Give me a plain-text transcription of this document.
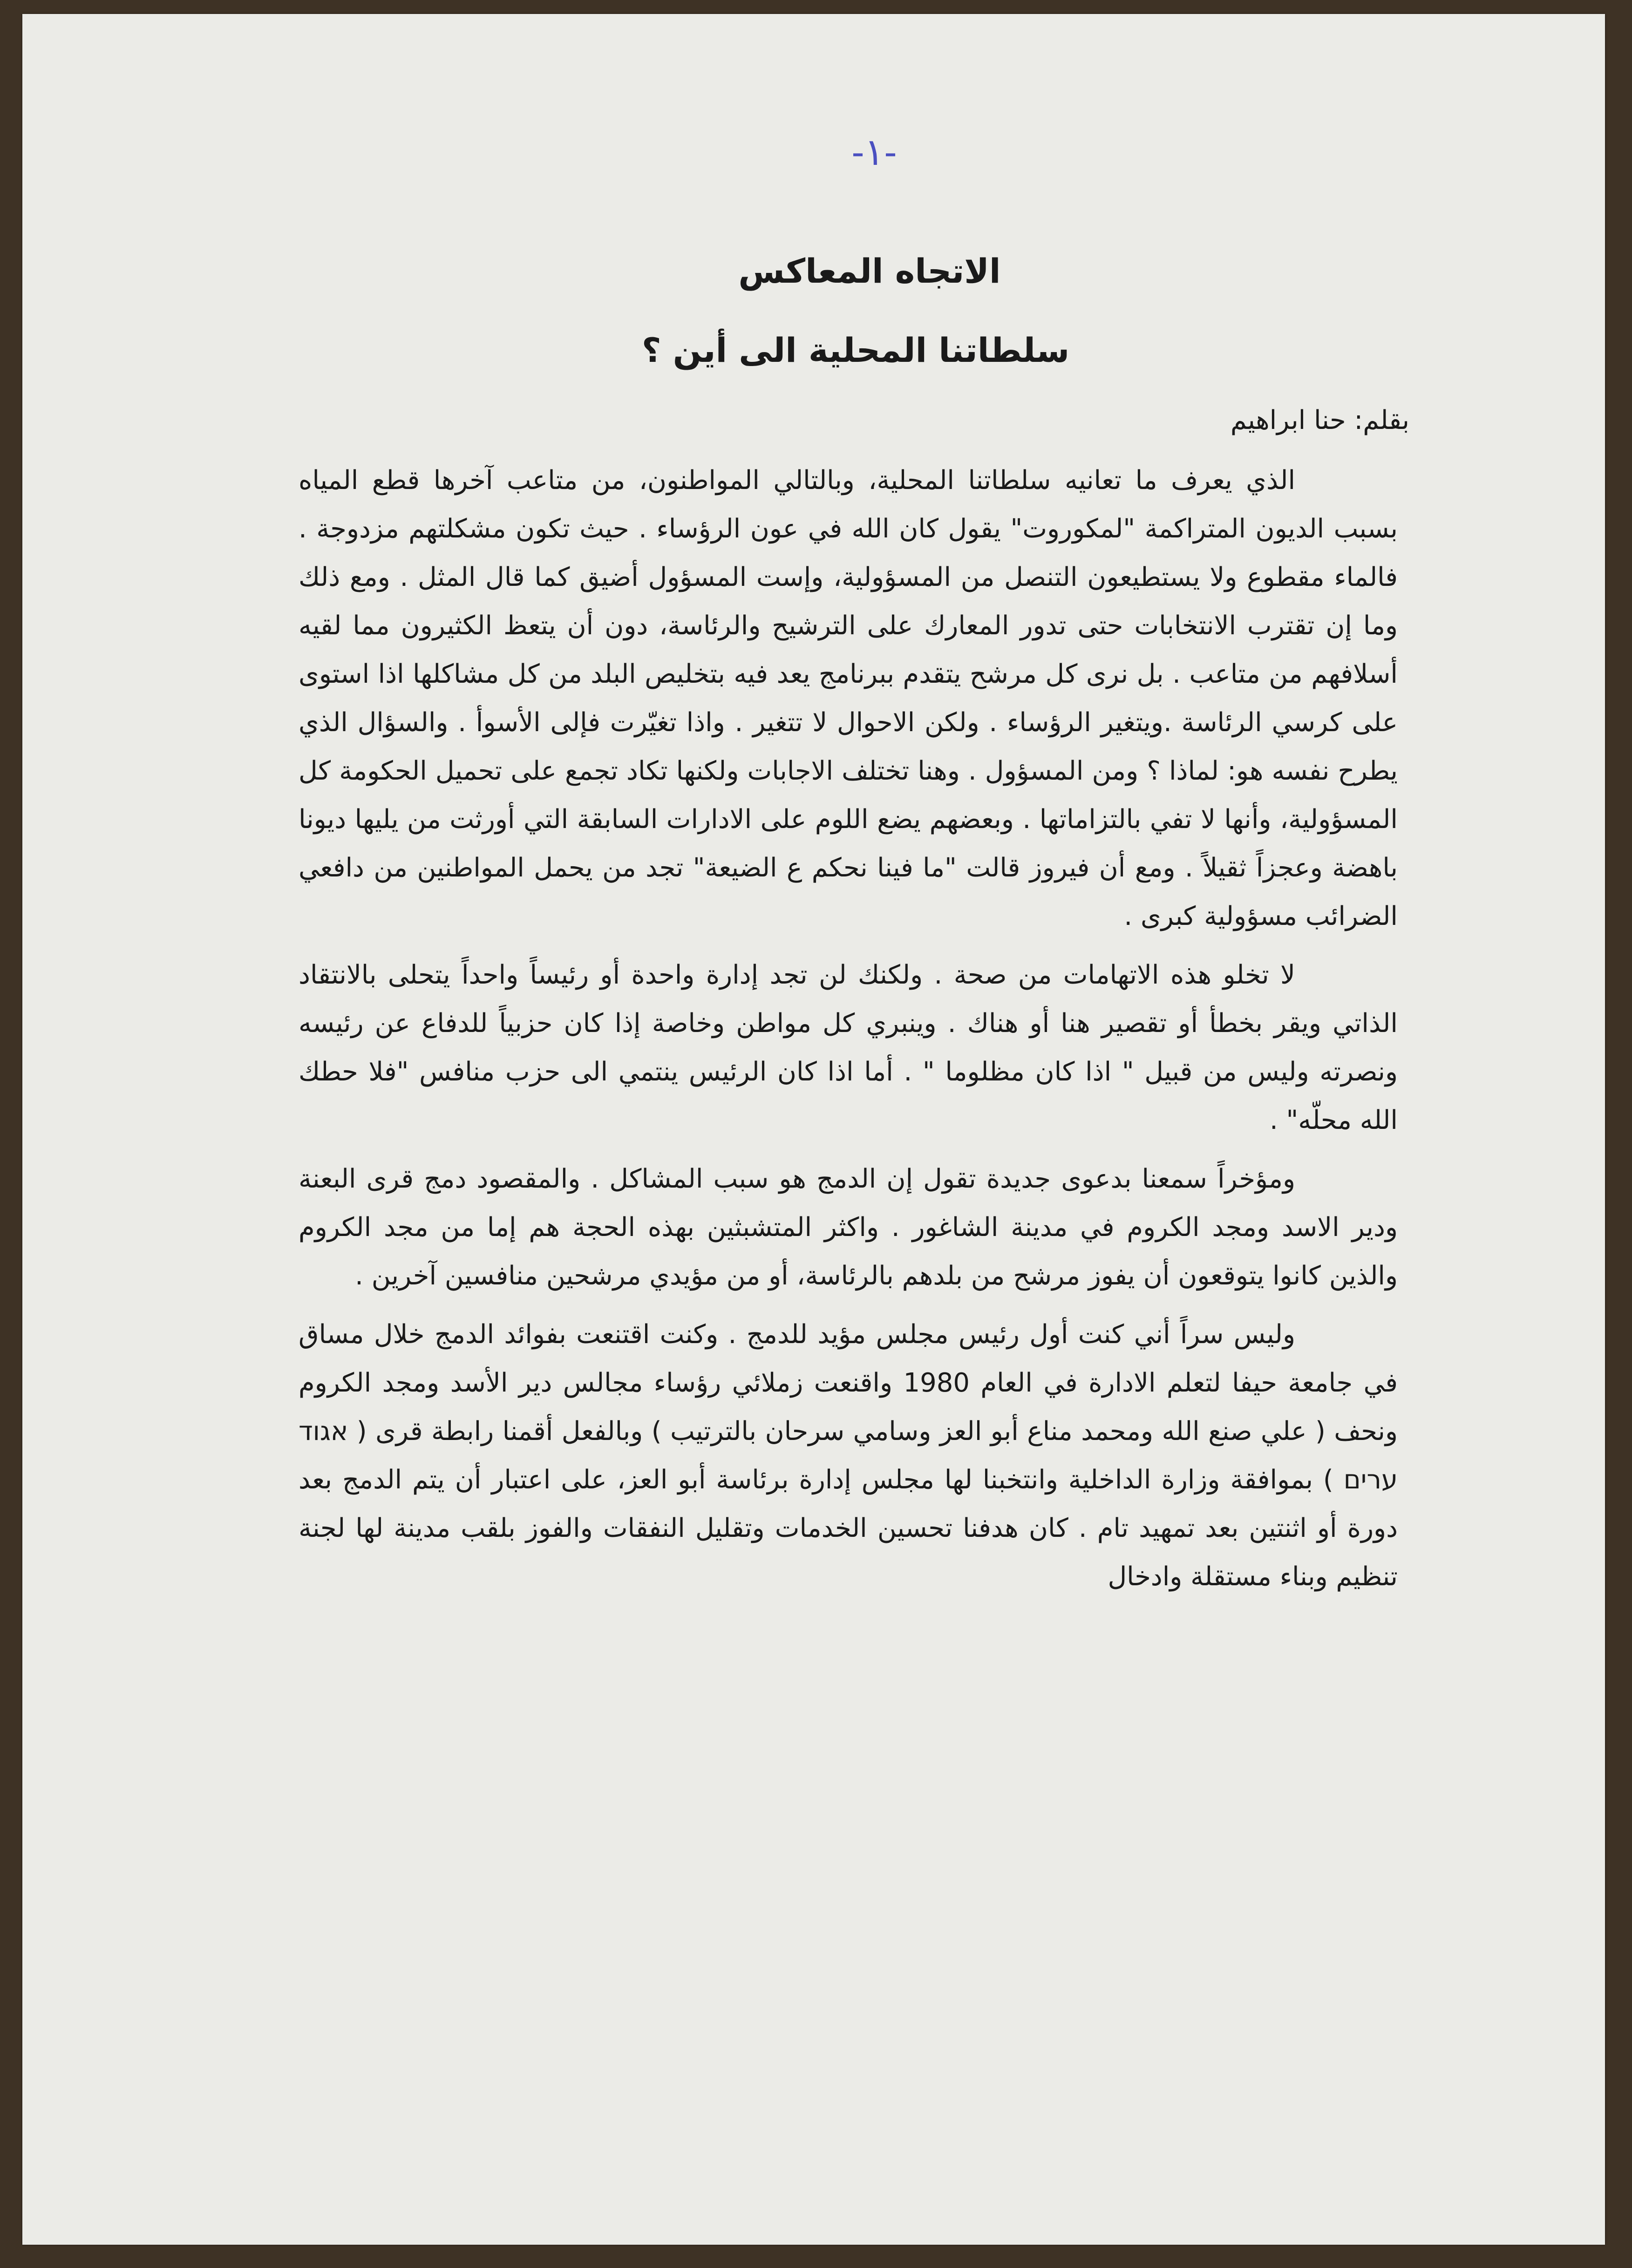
-١-
الاتجاه المعاكس
سلطاتنا المحلية الى أين ؟
بقلم: حنا ابراهيم

الذي يعرف ما تعانيه سلطاتنا المحلية، وبالتالي المواطنون، من متاعب آخرها قطع المياه بسبب الديون المتراكمة "لمكوروت" يقول كان الله في عون الرؤساء . حيث تكون مشكلتهم مزدوجة . فالماء مقطوع ولا يستطيعون التنصل من المسؤولية، وإست المسؤول أضيق كما قال المثل . ومع ذلك وما إن تقترب الانتخابات حتى تدور المعارك على الترشيح والرئاسة، دون أن يتعظ الكثيرون مما لقيه أسلافهم من متاعب . بل نرى كل مرشح يتقدم ببرنامج يعد فيه بتخليص البلد من كل مشاكلها اذا استوى على كرسي الرئاسة .ويتغير الرؤساء . ولكن الاحوال لا تتغير . واذا تغيّرت فإلى الأسوأ . والسؤال الذي يطرح نفسه هو: لماذا ؟ ومن المسؤول . وهنا تختلف الاجابات ولكنها تكاد تجمع على تحميل الحكومة كل المسؤولية، وأنها لا تفي بالتزاماتها . وبعضهم يضع اللوم على الادارات السابقة التي أورثت من يليها ديونا باهضة وعجزاً ثقيلاً . ومع أن فيروز قالت "ما فينا نحكم ع الضيعة" تجد من يحمل المواطنين من دافعي الضرائب مسؤولية كبرى .

لا تخلو هذه الاتهامات من صحة . ولكنك لن تجد إدارة واحدة أو رئيساً واحداً يتحلى بالانتقاد الذاتي ويقر بخطأ أو تقصير هنا أو هناك . وينبري كل مواطن وخاصة إذا كان حزبياً للدفاع عن رئيسه ونصرته وليس من قبيل " اذا كان مظلوما " . أما اذا كان الرئيس ينتمي الى حزب منافس "فلا حطك الله محلّه" .

ومؤخراً سمعنا بدعوى جديدة تقول إن الدمج هو سبب المشاكل . والمقصود دمج قرى البعنة ودير الاسد ومجد الكروم في مدينة الشاغور . واكثر المتشبثين بهذه الحجة هم إما من مجد الكروم والذين كانوا يتوقعون أن يفوز مرشح من بلدهم بالرئاسة، أو من مؤيدي مرشحين منافسين آخرين .

وليس سراً أني كنت أول رئيس مجلس مؤيد للدمج . وكنت اقتنعت بفوائد الدمج خلال مساق في جامعة حيفا لتعلم الادارة في العام 1980 واقنعت زملائي رؤساء مجالس دير الأسد ومجد الكروم ونحف ( علي صنع الله ومحمد مناع أبو العز وسامي سرحان بالترتيب ) وبالفعل أقمنا رابطة قرى ( אגוד ערים ) بموافقة وزارة الداخلية وانتخبنا لها مجلس إدارة برئاسة أبو العز، على اعتبار أن يتم الدمج بعد دورة أو اثنتين بعد تمهيد تام . كان هدفنا تحسين الخدمات وتقليل النفقات والفوز بلقب مدينة لها لجنة تنظيم وبناء مستقلة وادخال
